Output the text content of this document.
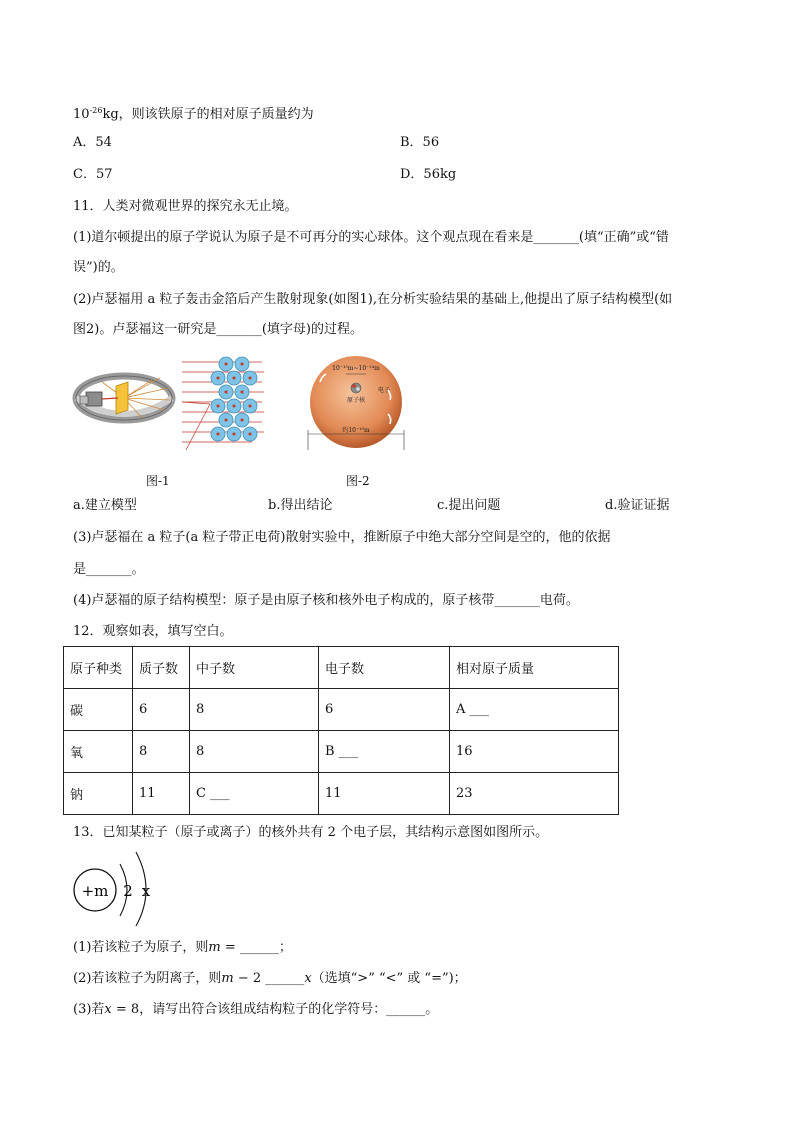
$10^{-26}kg$，则该铁原子的相对原子质量约为
A．54	B．56
C．57	D．56kg
11．人类对微观世界的探究永无止境。
(1)道尔顿提出的原子学说认为原子是不可再分的实心球体。这个观点现在看来是_______(填“正确”或“错
误”)的。
(2)卢瑟福用 a 粒子轰击金箔后产生散射现象(如图1),在分析实验结果的基础上,他提出了原子结构模型(如
图2)。卢瑟福这一研究是_______(填字母)的过程。
10⁻¹⁵m~10⁻¹⁴m
原子核
电子
约10⁻¹⁰m
图-1	图-2
a.建立模型	b.得出结论	c.提出问题	d.验证证据
(3)卢瑟福在 a 粒子(a 粒子带正电荷)散射实验中，推断原子中绝大部分空间是空的，他的依据
是_______。
(4)卢瑟福的原子结构模型：原子是由原子核和核外电子构成的，原子核带_______电荷。
12．观察如表，填写空白。
原子种类	质子数	中子数	电子数	相对原子质量
碳	6	8	6	A ___
氧	8	8	B ___	16
钠	11	C ___	11	23
13．已知某粒子（原子或离子）的核外共有 2 个电子层，其结构示意图如图所示。
+m 2 x
(1)若该粒子为原子，则m = ______；
(2)若该粒子为阴离子，则m − 2 ______x（选填“>” “<” 或 “=”)；
(3)若x = 8，请写出符合该组成结构粒子的化学符号：______。
